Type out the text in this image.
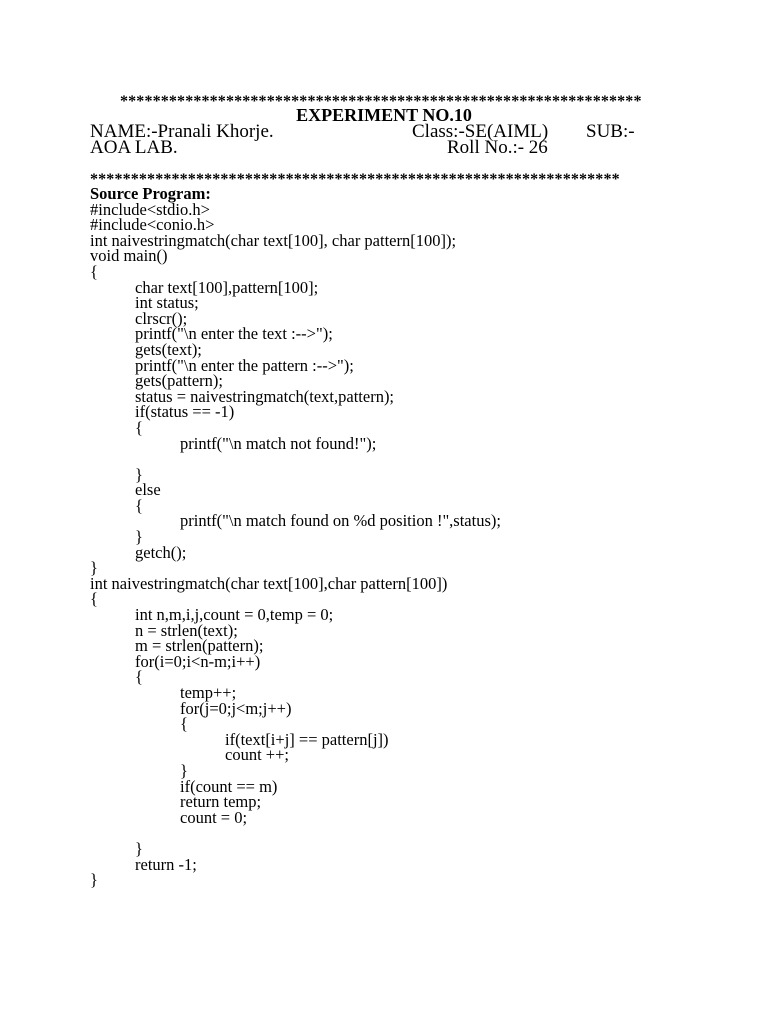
****************************************************************
EXPERIMENT NO.10
NAME:-Pranali Khorje.	Class:-SE(AIML) SUB:-
AOA LAB.	Roll No.:- 26
*****************************************************************
Source Program:
#include<stdio.h>
#include<conio.h>
int naivestringmatch(char text[100], char pattern[100]);
void main()
{
char text[100],pattern[100];
int status;
clrscr();
printf("\n enter the text :-->");
gets(text);
printf("\n enter the pattern :-->");
gets(pattern);
status = naivestringmatch(text,pattern);
if(status == -1)
{
printf("\n match not found!");
}
else
{
printf("\n match found on %d position !",status);
}
getch();
}
int naivestringmatch(char text[100],char pattern[100])
{
int n,m,i,j,count = 0,temp = 0;
n = strlen(text);
m = strlen(pattern);
for(i=0;i<n-m;i++)
{
temp++;
for(j=0;j<m;j++)
{
if(text[i+j] == pattern[j])
count ++;
}
if(count == m)
return temp;
count = 0;
}
return -1;
}
